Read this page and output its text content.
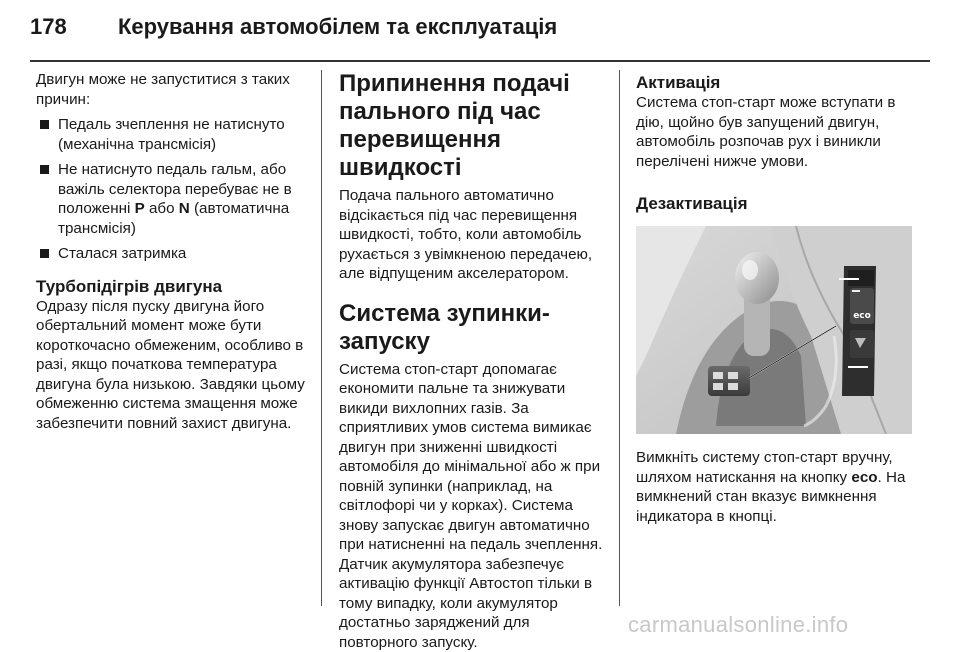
178 Керування автомобілем та експлуатація

Двигун може не запуститися з таких причин:

Педаль зчеплення не натиснуто (механічна трансмісія)

Не натиснуто педаль гальм, або важіль селектора перебуває не в положенні P або N (автоматична трансмісія)

Сталася затримка

Турбопідігрів двигуна

Одразу після пуску двигуна його обертальний момент може бути короткочасно обмеженим, особливо в разі, якщо початкова температура двигуна була низькою. Завдяки цьому обмеженню система змащення може забезпечити повний захист двигуна.

Припинення подачі пального під час перевищення швидкості

Подача пального автоматично відсікається під час перевищення швидкості, тобто, коли автомобіль рухається з увімкненою передачею, але відпущеним акселератором.

Система зупинки-запуску

Система стоп-старт допомагає економити пальне та знижувати викиди вихлопних газів. За сприятливих умов система вимикає двигун при зниженні швидкості автомобіля до мінімальної або ж при повній зупинки (наприклад, на світлофорі чи у корках). Система знову запускає двигун автоматично при натисненні на педаль зчеплення. Датчик акумулятора забезпечує активацію функції Автостоп тільки в тому випадку, коли акумулятор достатньо заряджений для повторного запуску.

Активація

Система стоп-старт може вступати в дію, щойно був запущений двигун, автомобіль розпочав рух і виникли перелічені нижче умови.

Дезактивація
eco

Вимкніть систему стоп-старт вручну, шляхом натискання на кнопку eco. На вимкнений стан вказує вимкнення індикатора в кнопці.

carmanualsonline.info
